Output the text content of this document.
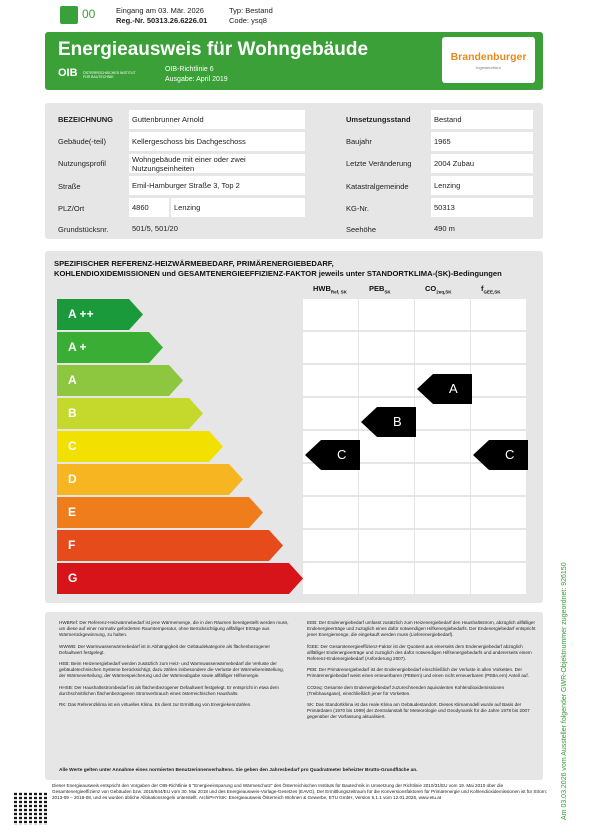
00	Eingang am 03. Mär. 2026
Reg.-Nr. 50313.26.6226.01
Typ: Bestand
Code: ysq8
Energieausweis für Wohngebäude
OIB ÖSTERREICHISCHES INSTITUT FÜR BAUTECHNIK
OIB-Richtlinie 6
Ausgabe: April 2019
Brandenburger
Ingenieurbüro
BEZEICHNUNG	Guttenbrunner Arnold
Gebäude(-teil)	Kellergeschoss bis Dachgeschoss
Nutzungsprofil	Wohngebäude mit einer oder zwei Nutzungseinheiten
Straße	Emil-Hamburger Straße 3, Top 2
PLZ/Ort	4860	Lenzing
Grundstücksnr.	501/5, 501/20
Umsetzungsstand	Bestand
Baujahr	1965
Letzte Veränderung	2004 Zubau
Katastralgemeinde	Lenzing
KG-Nr.	50313
Seehöhe	490 m
SPEZIFISCHER REFERENZ-HEIZWÄRMEBEDARF, PRIMÄRENERGIEBEDARF,
KOHLENDIOXIDEMISSIONEN und GESAMTENERGIEEFFIZIENZ-FAKTOR jeweils unter STANDORTKLIMA-(SK)-Bedingungen
$HWB_{Ref, SK}$	$PEB_{SK}$	$CO_{2eq,SK}$	$f_{GEE,SK}$
A ++
A +
A
B
C
D
E
F
G
C
B
A
C

HWBRef: Der Referenz-Heizwärmebedarf ist jene Wärmemenge, die in den Räumen bereitgestellt werden muss, um diese auf einer normativ geforderten Raumtemperatur, ohne Berücksichtigung allfälliger Erträge aus Wärmerückgewinnung, zu halten.

WWWB: Der Warmwasserwärmebedarf ist in Abhängigkeit der Gebäudekategorie als flächenbezogener Defaultwert festgelegt.

HEB: Beim Heizenergiebedarf werden zusätzlich zum Heiz- und Warmwasserwärmebedarf die Verluste der gebäudetechnischen Systeme berücksichtigt, dazu zählen insbesondere die Verluste der Wärmebereitstellung, der Wärmeverteilung, der Wärmespeicherung und der Wärmeabgabe sowie allfälliger Hilfsenergie.

HHSB: Der Haushaltsstrombedarf ist als flächenbezogener Defaultwert festgelegt. Er entspricht in etwa dem durchschnittlichen flächenbezogenen Stromverbrauch eines österreichischen Haushalts.

RK: Das Referenzklima ist ein virtuelles Klima. Es dient zur Ermittlung von Energiekennzahlen.

EEB: Der Endenergiebedarf umfasst zusätzlich zum Heizenergiebedarf den Haushaltsstrom, abzüglich allfälliger Endenergieerträge und zuzüglich eines dafür notwendigen Hilfsenergiebedarfs. Der Endenergiebedarf entspricht jener Energiemenge, die eingekauft werden muss (Lieferenergiebedarf).

fGEE: Der Gesamtenergieeffizienz-Faktor ist der Quotient aus einerseits dem Endenergiebedarf abzüglich allfälliger Endenergieerträge und zuzüglich des dafür notwendigen Hilfsenergiebedarfs und andererseits einem Referenz-Endenergiebedarf (Anforderung 2007).

PEB: Der Primärenergiebedarf ist der Endenergiebedarf einschließlich der Verluste in allen Vorketten. Der Primärenergiebedarf weist einen erneuerbaren (PEBern) und einen nicht erneuerbaren (PEBn.ern) Anteil auf.

CO2eq: Gesamte dem Endenergiebedarf zuzurechnenden äquivalenten Kohlendioxidemissionen (Treibhausgase), einschließlich jener für Vorketten.

SK: Das Standortklima ist das reale Klima am Gebäudestandort. Dieses Klimamodell wurde auf Basis der Primärdaten (1970 bis 1999) der Zentralanstalt für Meteorologie und Geodynamik für die Jahre 1978 bis 2007 gegenüber der Vorfassung aktualisiert.

Alle Werte gelten unter Annahme eines normierten Benutzerinnenverhaltens. Sie geben den Jahresbedarf pro Quadratmeter beheizter Brutto-Grundfläche an.
Dieser Energieausweis entspricht den Vorgaben der OIB-Richtlinie 6 "Energieeinsparung und Wärmeschutz" des Österreichischen Instituts für Bautechnik in Umsetzung der Richtlinie 2010/31/EU vom 19. Mai 2010 über die Gesamtenergieeffizienz von Gebäuden bzw. 2018/844/EU vom 30. Mai 2018 und des Energieausweis-Vorlage-Gesetzes (EAVG). Der Ermittlungszeitraum für die Konversionsfaktoren für Primärenergie und Kohlendioxidemissionen ist für Strom: 2013-09 – 2018-08, und es wurden übliche Allokationsregeln unterstellt. ArchiPHYSIK: Energieausweis Österreich Wohnen & Gewerbe, ETU GmbH, Version 6.1.1 vom 12.01.2026, www.etu.at	Am 03.03.2026 vom Aussteller folgender GWR-Objektnummer zugeordnet: 926150
